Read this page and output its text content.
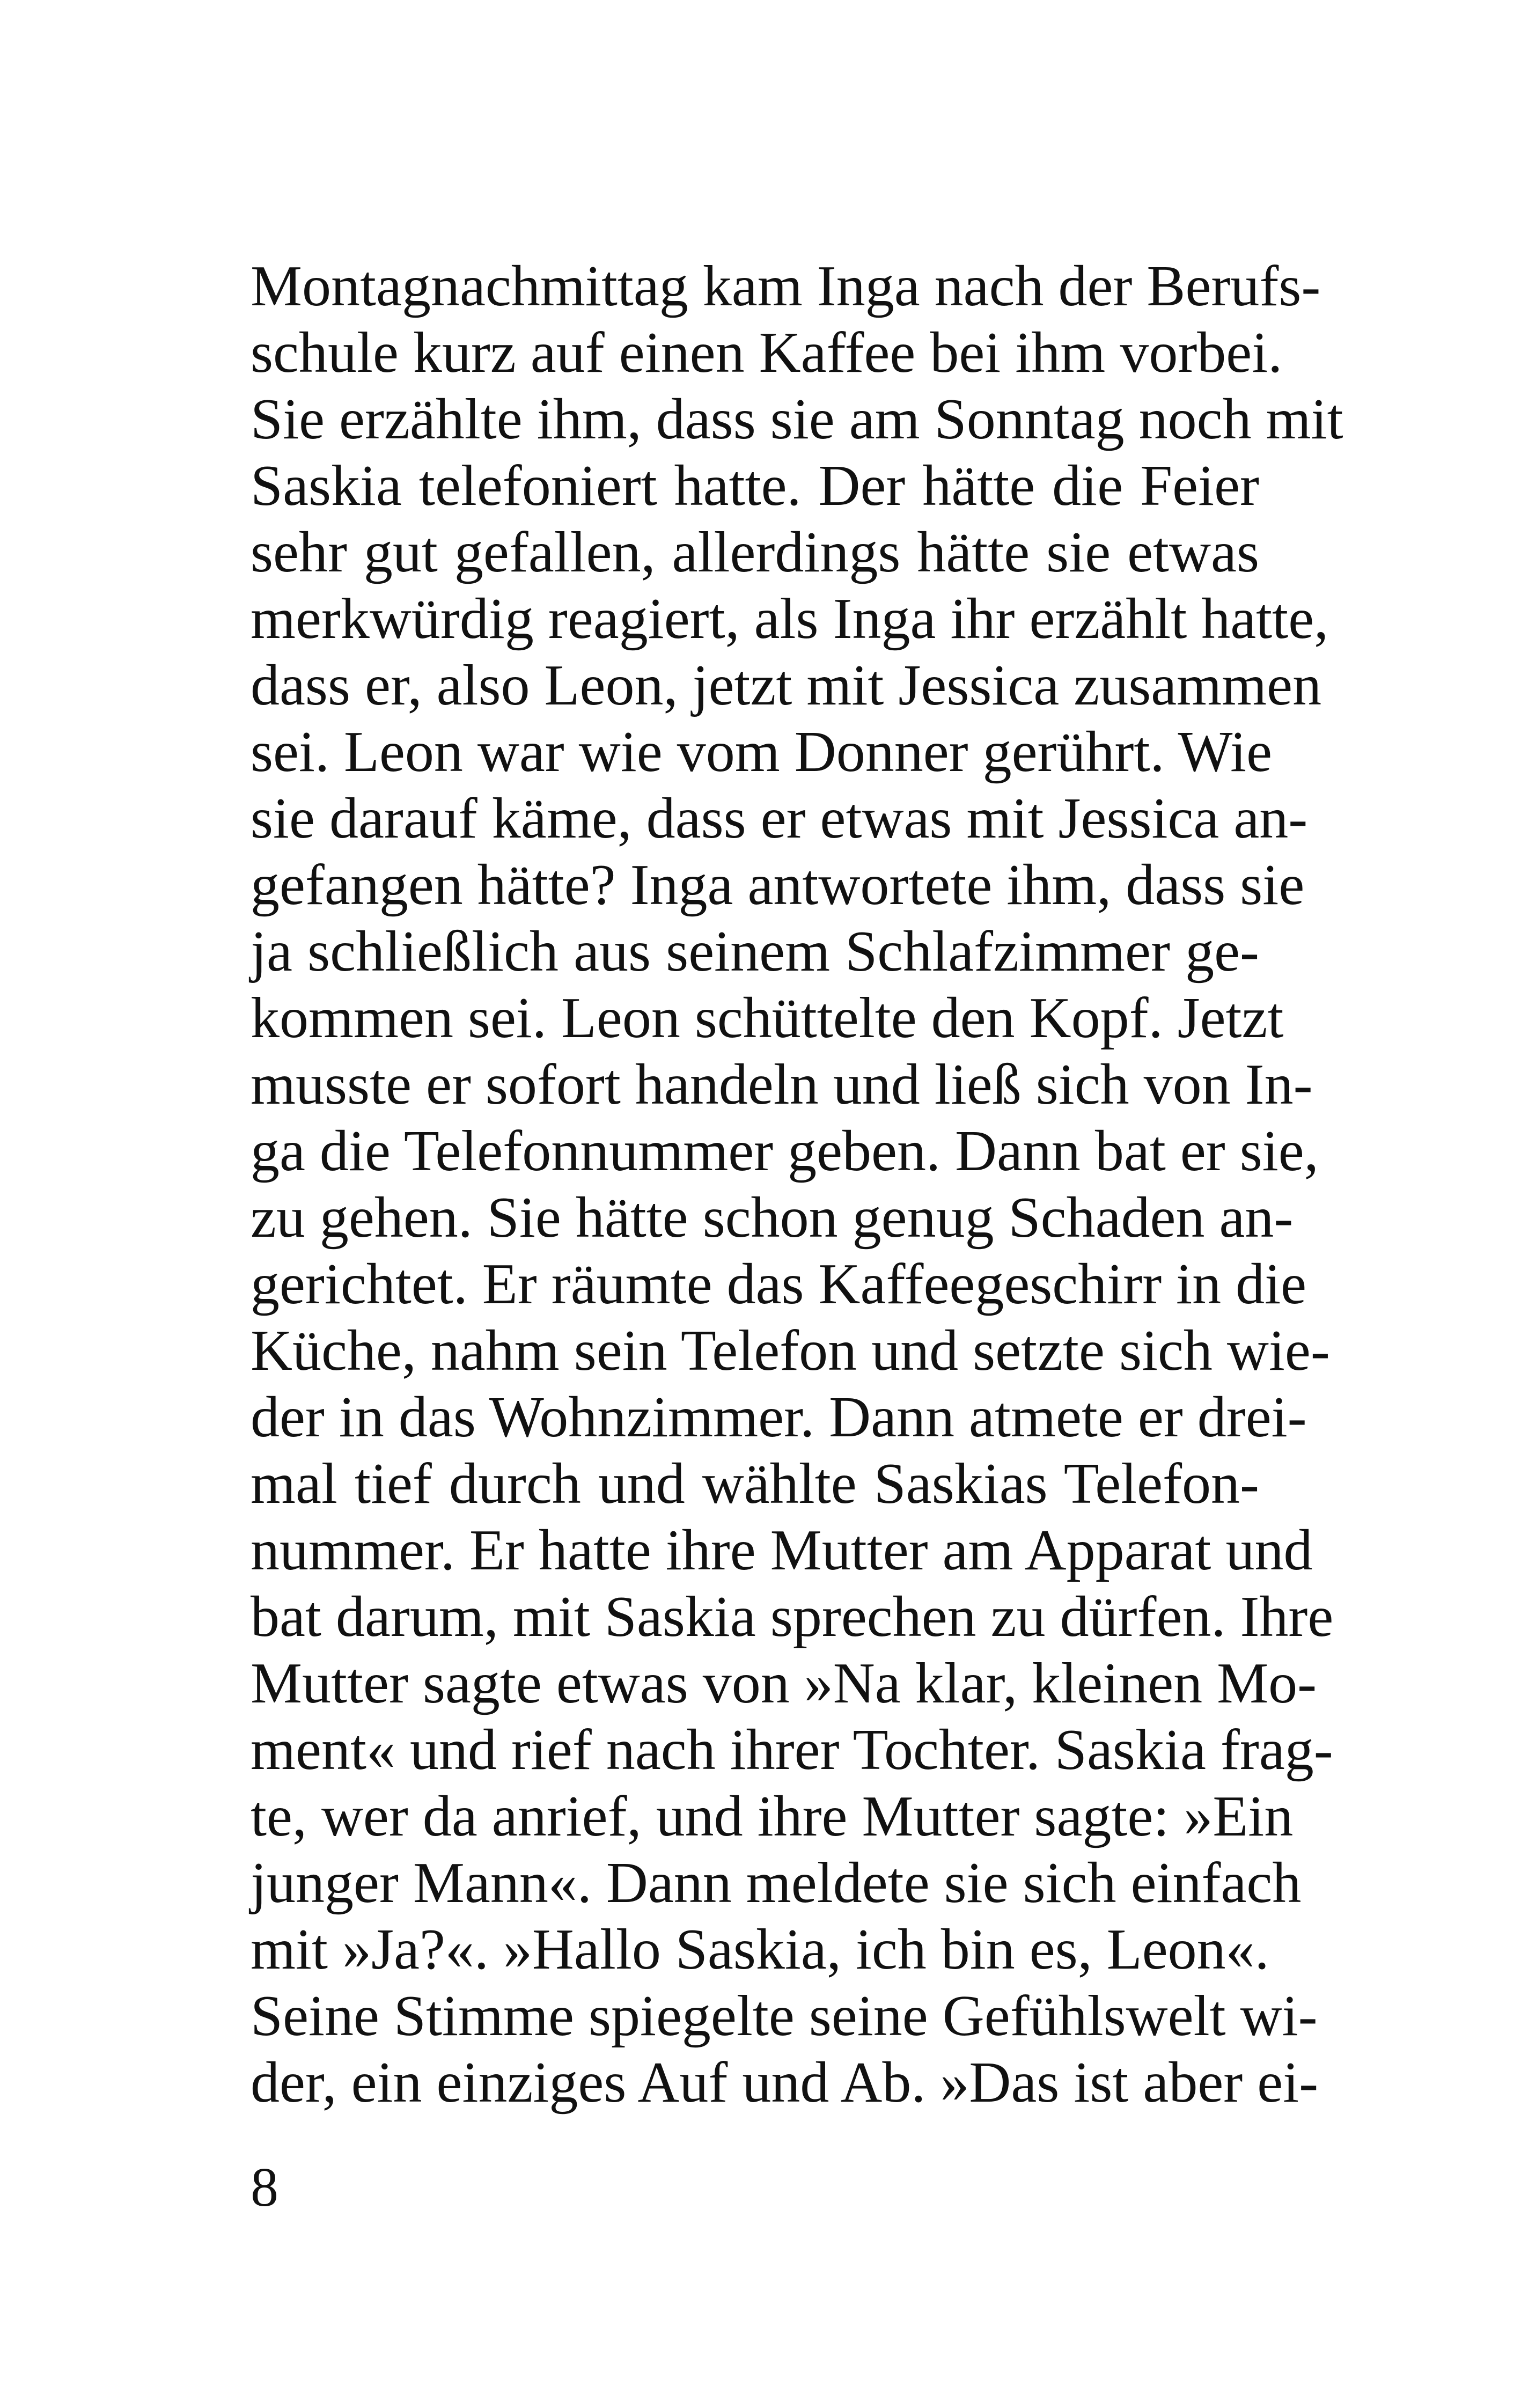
Montagnachmittag kam Inga nach der Berufs-
schule kurz auf einen Kaffee bei ihm vorbei.
Sie erzählte ihm, dass sie am Sonntag noch mit
Saskia telefoniert hatte. Der hätte die Feier
sehr gut gefallen, allerdings hätte sie etwas
merkwürdig reagiert, als Inga ihr erzählt hatte,
dass er, also Leon, jetzt mit Jessica zusammen
sei. Leon war wie vom Donner gerührt. Wie
sie darauf käme, dass er etwas mit Jessica an-
gefangen hätte? Inga antwortete ihm, dass sie
ja schließlich aus seinem Schlafzimmer ge-
kommen sei. Leon schüttelte den Kopf. Jetzt
musste er sofort handeln und ließ sich von In-
ga die Telefonnummer geben. Dann bat er sie,
zu gehen. Sie hätte schon genug Schaden an-
gerichtet. Er räumte das Kaffeegeschirr in die
Küche, nahm sein Telefon und setzte sich wie-
der in das Wohnzimmer. Dann atmete er drei-
mal tief durch und wählte Saskias Telefon-
nummer. Er hatte ihre Mutter am Apparat und
bat darum, mit Saskia sprechen zu dürfen. Ihre
Mutter sagte etwas von »Na klar, kleinen Mo-
ment« und rief nach ihrer Tochter. Saskia frag-
te, wer da anrief, und ihre Mutter sagte: »Ein
junger Mann«. Dann meldete sie sich einfach
mit »Ja?«. »Hallo Saskia, ich bin es, Leon«.
Seine Stimme spiegelte seine Gefühlswelt wi-
der, ein einziges Auf und Ab. »Das ist aber ei-
8
